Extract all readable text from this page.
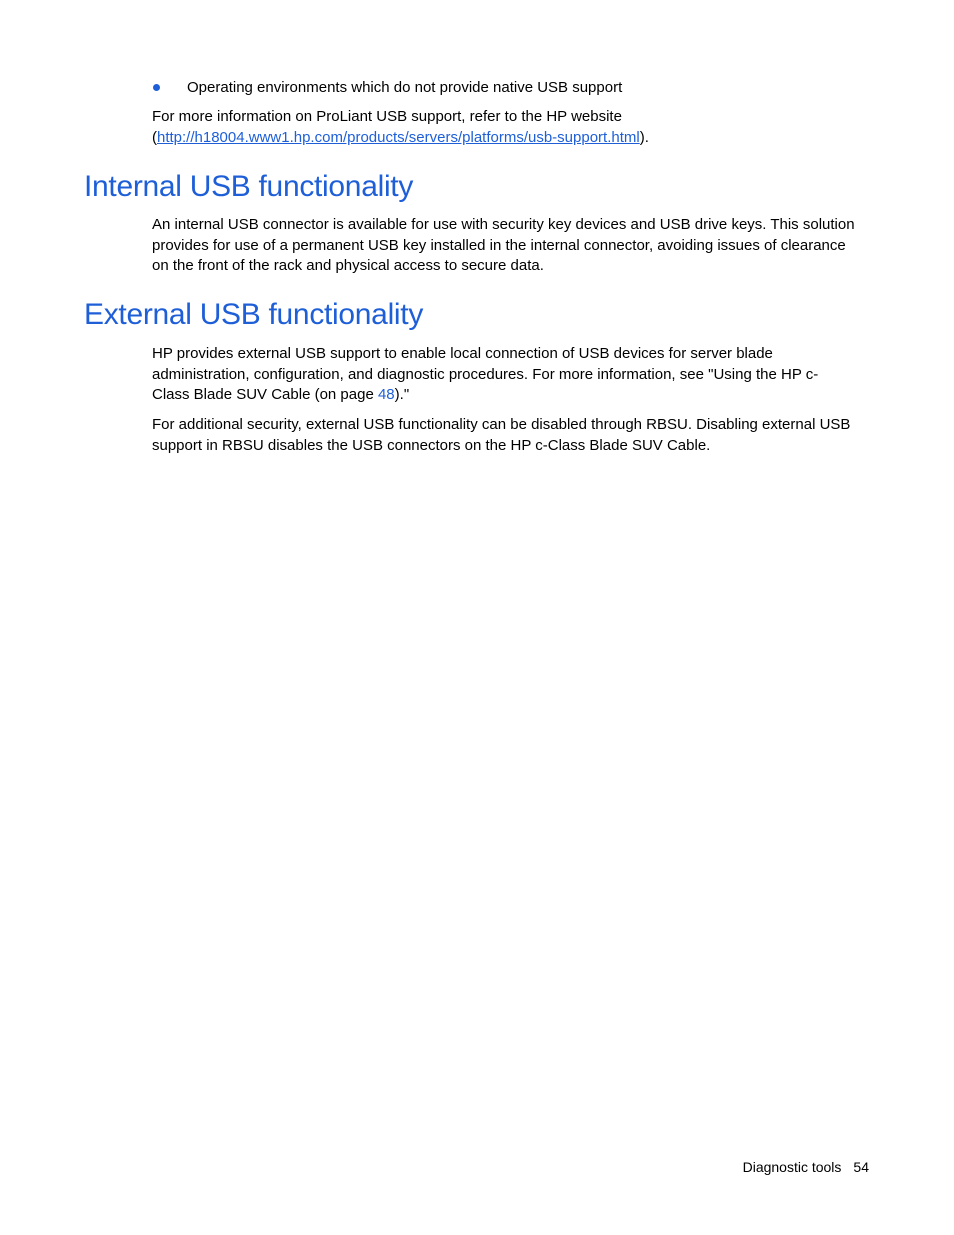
Operating environments which do not provide native USB support

For more information on ProLiant USB support, refer to the HP website
(http://h18004.www1.hp.com/products/servers/platforms/usb-support.html).

Internal USB functionality

An internal USB connector is available for use with security key devices and USB drive keys. This solution provides for use of a permanent USB key installed in the internal connector, avoiding issues of clearance on the front of the rack and physical access to secure data.

External USB functionality

HP provides external USB support to enable local connection of USB devices for server blade administration, configuration, and diagnostic procedures. For more information, see "Using the HP c-Class Blade SUV Cable (on page 48)."

For additional security, external USB functionality can be disabled through RBSU. Disabling external USB support in RBSU disables the USB connectors on the HP c-Class Blade SUV Cable.

Diagnostic tools 54
